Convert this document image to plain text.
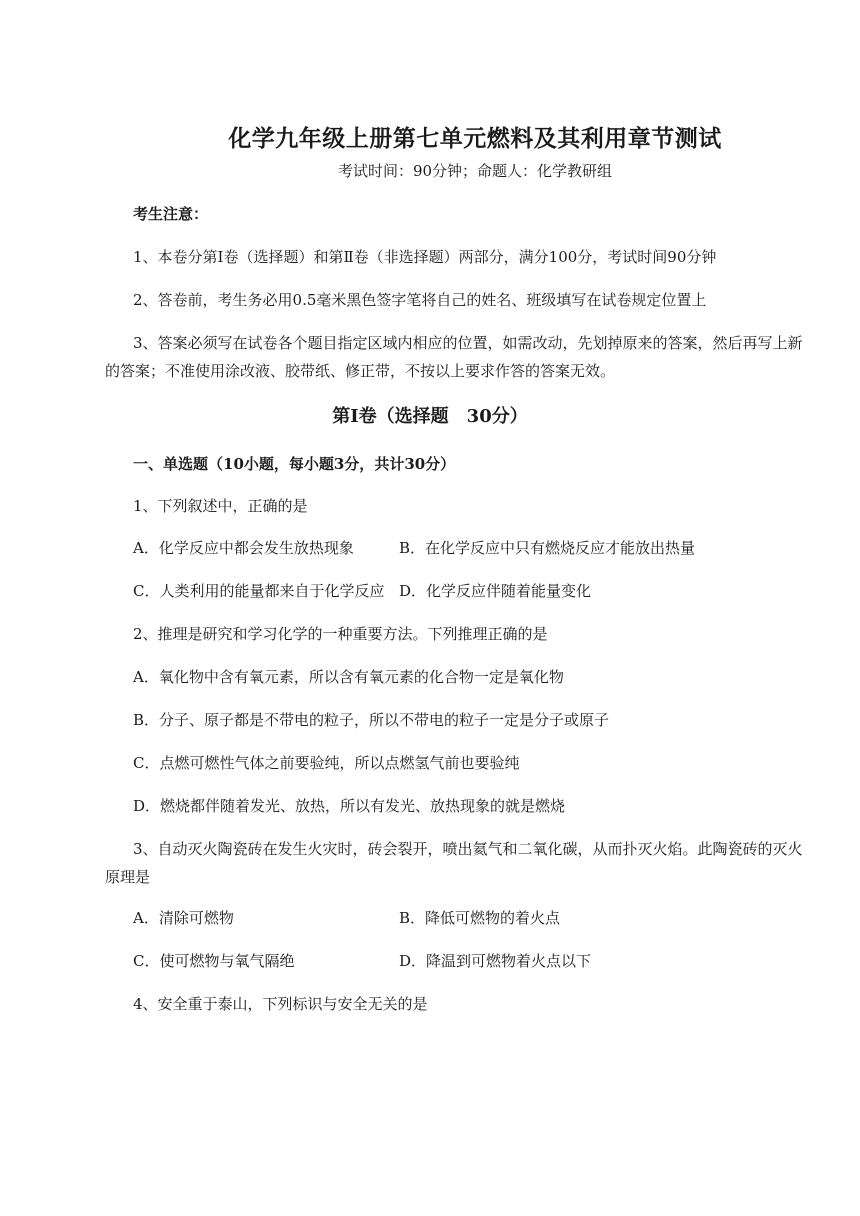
化学九年级上册第七单元燃料及其利用章节测试
考试时间：90分钟；命题人：化学教研组
考生注意：
1、本卷分第Ⅰ卷（选择题）和第Ⅱ卷（非选择题）两部分，满分100分，考试时间90分钟
2、答卷前，考生务必用0.5毫米黑色签字笔将自己的姓名、班级填写在试卷规定位置上
3、答案必须写在试卷各个题目指定区域内相应的位置，如需改动，先划掉原来的答案，然后再写上新的答案；不准使用涂改液、胶带纸、修正带，不按以上要求作答的答案无效。
第Ⅰ卷（选择题　30分）
一、单选题（10小题，每小题3分，共计30分）
1、下列叙述中，正确的是
A．化学反应中都会发生放热现象	B．在化学反应中只有燃烧反应才能放出热量
C．人类利用的能量都来自于化学反应 D．化学反应伴随着能量变化
2、推理是研究和学习化学的一种重要方法。下列推理正确的是
A．氧化物中含有氧元素，所以含有氧元素的化合物一定是氧化物
B．分子、原子都是不带电的粒子，所以不带电的粒子一定是分子或原子
C．点燃可燃性气体之前要验纯，所以点燃氢气前也要验纯
D．燃烧都伴随着发光、放热，所以有发光、放热现象的就是燃烧
3、自动灭火陶瓷砖在发生火灾时，砖会裂开，喷出氦气和二氧化碳，从而扑灭火焰。此陶瓷砖的灭火原理是
A．清除可燃物	B．降低可燃物的着火点
C．使可燃物与氧气隔绝	D．降温到可燃物着火点以下
4、安全重于泰山，下列标识与安全无关的是
